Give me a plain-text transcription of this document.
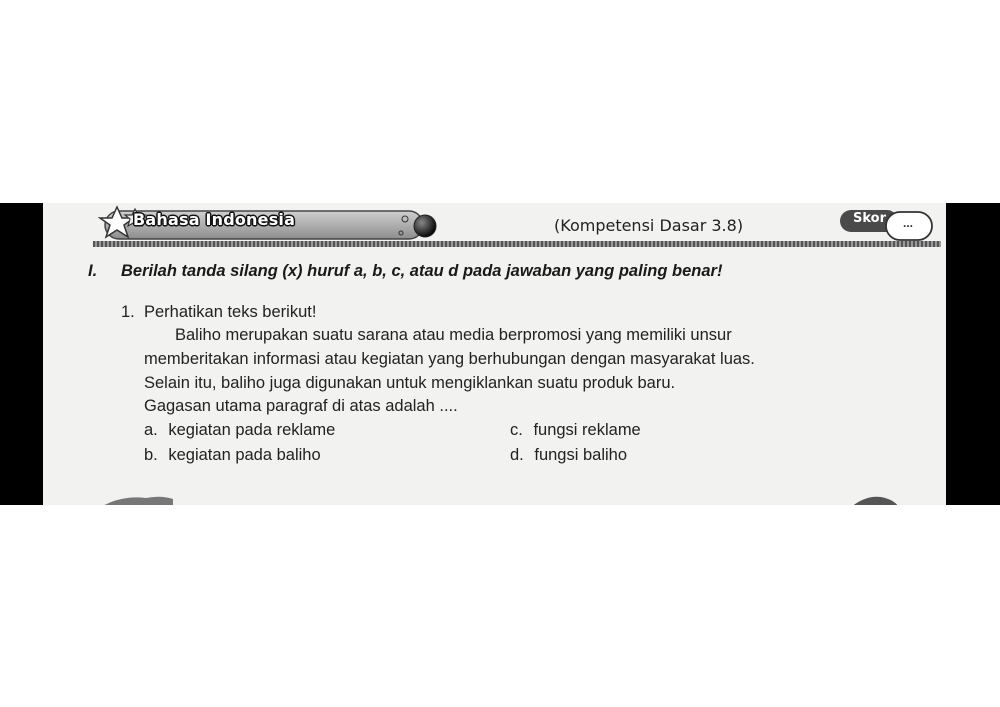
Bahasa Indonesia	(Kompetensi Dasar 3.8)	Skor ...
I. Berilah tanda silang (x) huruf a, b, c, atau d pada jawaban yang paling benar!
1. Perhatikan teks berikut!

Baliho merupakan suatu sarana atau media berpromosi yang memiliki unsur

memberitakan informasi atau kegiatan yang berhubungan dengan masyarakat luas.

Selain itu, baliho juga digunakan untuk mengiklankan suatu produk baru.

Gagasan utama paragraf di atas adalah ....
a. kegiatan pada reklame
b. kegiatan pada baliho
c. fungsi reklame
d. fungsi baliho
